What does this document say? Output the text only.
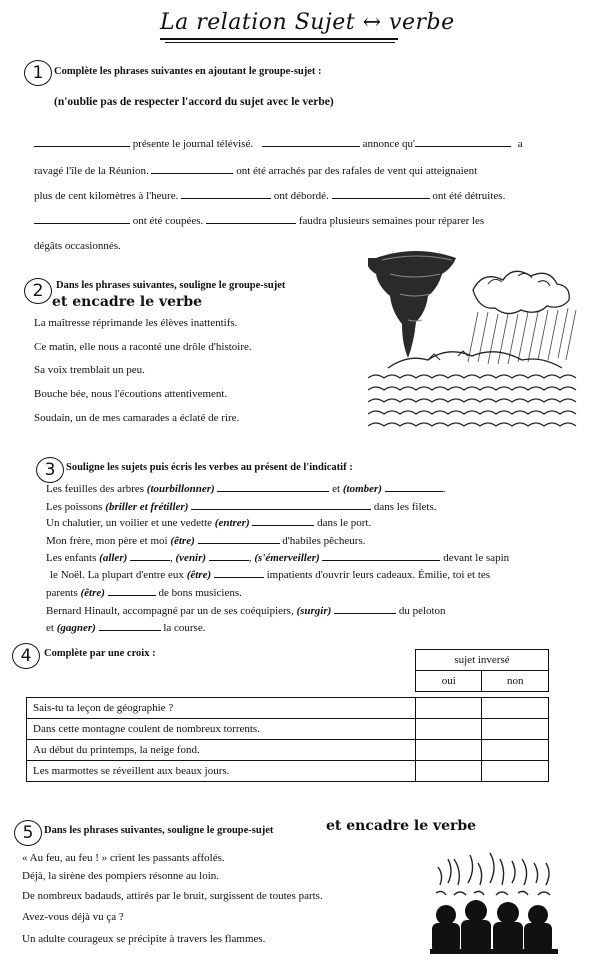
La relation Sujet ↔ verbe
1	Complète les phrases suivantes en ajoutant le groupe-sujet :
(n'oublie pas de respecter l'accord du sujet avec le verbe)
présente le journal télévisé.	annonce qu'	a
ravagé l'île de la Réunion.	ont été arrachés par des rafales de vent qui atteignaient
plus de cent kilomètres à l'heure.	ont débordé.	ont été détruites.
ont été coupées.	faudra plusieurs semaines pour réparer les
dégâts occasionnés.
2	Dans les phrases suivantes, souligne le groupe-sujet
et encadre le verbe
La maîtresse réprimande les élèves inattentifs.
Ce matin, elle nous a raconté une drôle d'histoire.
Sa voix tremblait un peu.
Bouche bée, nous l'écoutions attentivement.
Soudain, un de mes camarades a éclaté de rire.
3	Souligne les sujets puis écris les verbes au présent de l'indicatif :
Les feuilles des arbres (tourbillonner)	et (tomber)	.
Les poissons (briller et frétiller)	dans les filets.
Un chalutier, un voilier et une vedette (entrer)	dans le port.
Mon frère, mon père et moi (être)	d'habiles pêcheurs.
Les enfants (aller)	, (venir)	, (s'émerveiller)	devant le sapin
le Noël. La plupart d'entre eux (être)	impatients d'ouvrir leurs cadeaux. Émilie, toi et tes
parents (être)	de bons musiciens.
Bernard Hinault, accompagné par un de ses coéquipiers, (surgir)	du peloton
et (gagner)	la course.
4	Complète par une croix :
sujet inversé
oui	non
Sais-tu ta leçon de géographie ?		
Dans cette montagne coulent de nombreux torrents.		
Au début du printemps, la neige fond.		
Les marmottes se réveillent aux beaux jours.		
5	Dans les phrases suivantes, souligne le groupe-sujet	et encadre le verbe
« Au feu, au feu ! » crient les passants affolés.
Déjà, la sirène des pompiers résonne au loin.
De nombreux badauds, attirés par le bruit, surgissent de toutes parts.
Avez-vous déjà vu ça ?
Un adulte courageux se précipite à travers les flammes.
